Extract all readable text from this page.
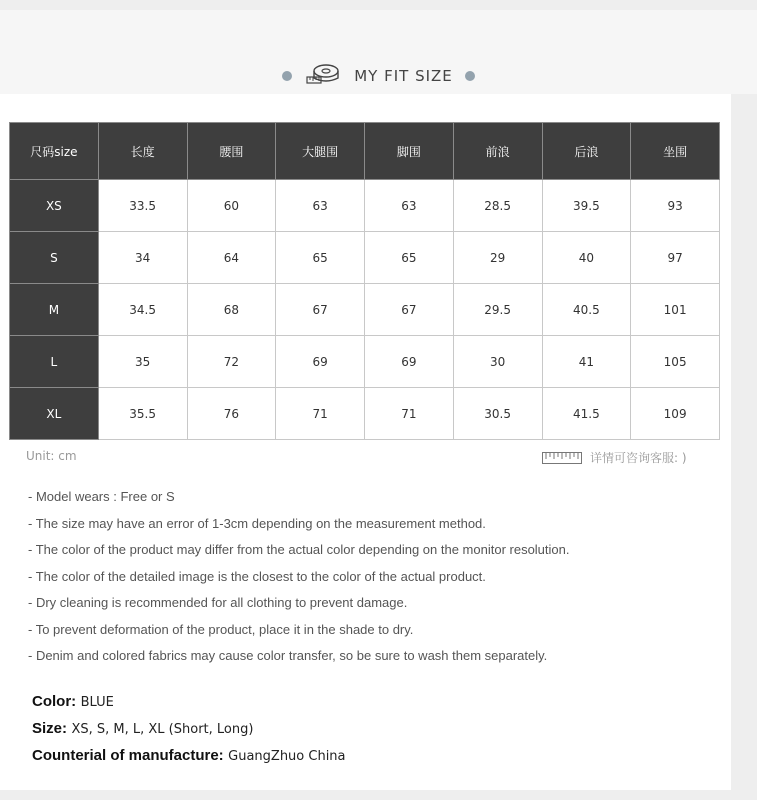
MY FIT SIZE
尺码size	长度	腰围	大腿围	脚围	前浪	后浪	坐围
XS	33.5	60	63	63	28.5	39.5	93
S	34	64	65	65	29	40	97
M	34.5	68	67	67	29.5	40.5	101
L	35	72	69	69	30	41	105
XL	35.5	76	71	71	30.5	41.5	109
Unit: cm	详情可咨询客服: )
- Model wears : Free or S
- The size may have an error of 1-3cm depending on the measurement method.
- The color of the product may differ from the actual color depending on the monitor resolution.
- The color of the detailed image is the closest to the color of the actual product.
- Dry cleaning is recommended for all clothing to prevent damage.
- To prevent deformation of the product, place it in the shade to dry.
- Denim and colored fabrics may cause color transfer, so be sure to wash them separately.
Color: BLUE
Size: XS, S, M, L, XL (Short, Long)
Counterial of manufacture: GuangZhuo China
